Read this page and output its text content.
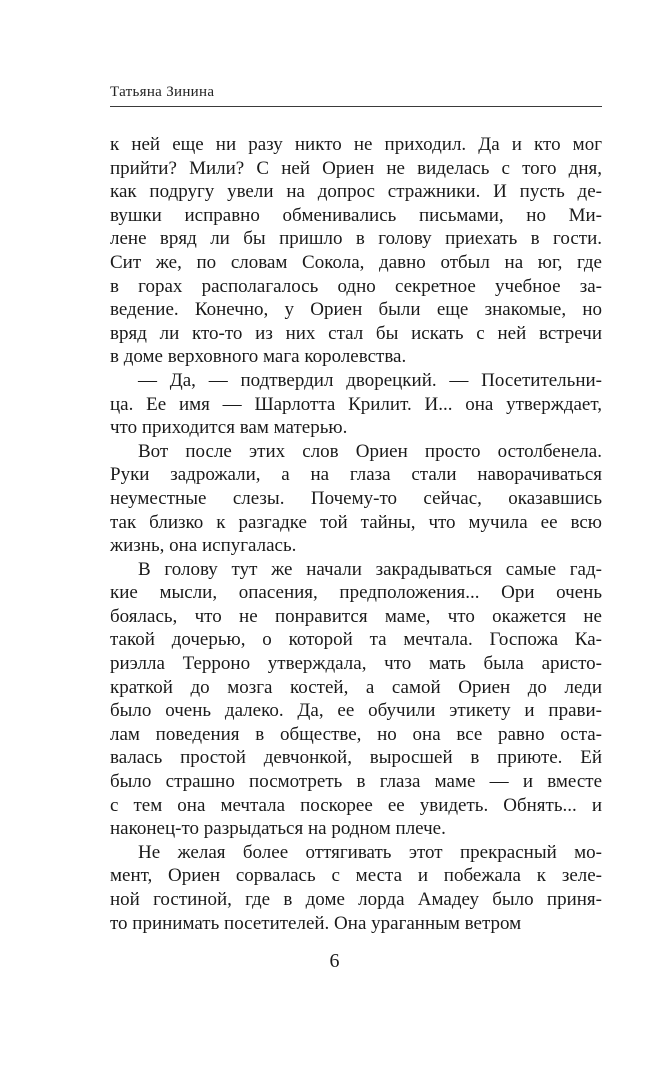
Татьяна Зинина
к ней еще ни разу никто не приходил. Да и кто мог
прийти? Мили? С ней Ориен не виделась с того дня,
как подругу увели на допрос стражники. И пусть де-
вушки исправно обменивались письмами, но Ми-
лене вряд ли бы пришло в голову приехать в гости.
Сит же, по словам Сокола, давно отбыл на юг, где
в горах располагалось одно секретное учебное за-
ведение. Конечно, у Ориен были еще знакомые, но
вряд ли кто-то из них стал бы искать с ней встречи
в доме верховного мага королевства.
— Да, — подтвердил дворецкий. — Посетительни-
ца. Ее имя — Шарлотта Крилит. И... она утверждает,
что приходится вам матерью.
Вот после этих слов Ориен просто остолбенела.
Руки задрожали, а на глаза стали наворачиваться
неуместные слезы. Почему-то сейчас, оказавшись
так близко к разгадке той тайны, что мучила ее всю
жизнь, она испугалась.
В голову тут же начали закрадываться самые гад-
кие мысли, опасения, предположения... Ори очень
боялась, что не понравится маме, что окажется не
такой дочерью, о которой та мечтала. Госпожа Ка-
риэлла Терроно утверждала, что мать была аристо-
краткой до мозга костей, а самой Ориен до леди
было очень далеко. Да, ее обучили этикету и прави-
лам поведения в обществе, но она все равно оста-
валась простой девчонкой, выросшей в приюте. Ей
было страшно посмотреть в глаза маме — и вместе
с тем она мечтала поскорее ее увидеть. Обнять... и
наконец-то разрыдаться на родном плече.
Не желая более оттягивать этот прекрасный мо-
мент, Ориен сорвалась с места и побежала к зеле-
ной гостиной, где в доме лорда Амадеу было приня-
то принимать посетителей. Она ураганным ветром
6
